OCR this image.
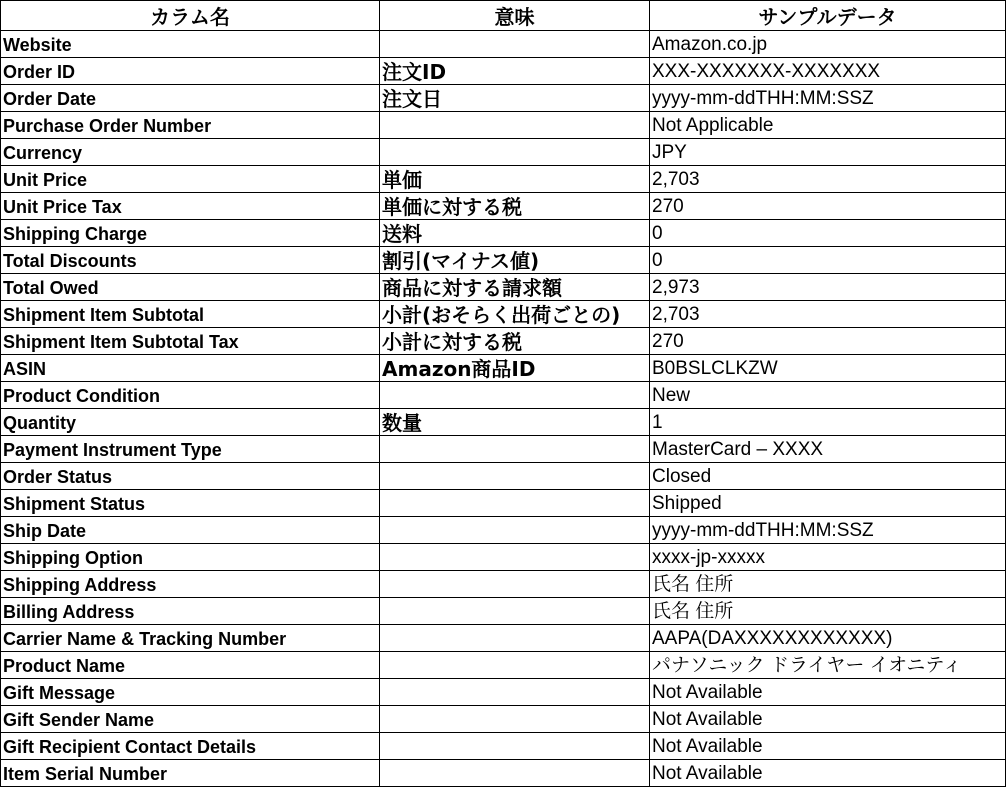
カラム名	意味	サンプルデータ
Website		Amazon.co.jp
Order ID	注文ID	XXX-XXXXXXX-XXXXXXX
Order Date	注文日	yyyy-mm-ddTHH:MM:SSZ
Purchase Order Number		Not Applicable
Currency		JPY
Unit Price	単価	2,703
Unit Price Tax	単価に対する税	270
Shipping Charge	送料	0
Total Discounts	割引(マイナス値)	0
Total Owed	商品に対する請求額	2,973
Shipment Item Subtotal	小計(おそらく出荷ごとの)	2,703
Shipment Item Subtotal Tax	小計に対する税	270
ASIN	Amazon商品ID	B0BSLCLKZW
Product Condition		New
Quantity	数量	1
Payment Instrument Type		MasterCard – XXXX
Order Status		Closed
Shipment Status		Shipped
Ship Date		yyyy-mm-ddTHH:MM:SSZ
Shipping Option		xxxx-jp-xxxxx
Shipping Address		氏名 住所
Billing Address		氏名 住所
Carrier Name & Tracking Number		AAPA(DAXXXXXXXXXXXX)
Product Name		パナソニック ドライヤー イオニティ
Gift Message		Not Available
Gift Sender Name		Not Available
Gift Recipient Contact Details		Not Available
Item Serial Number		Not Available
